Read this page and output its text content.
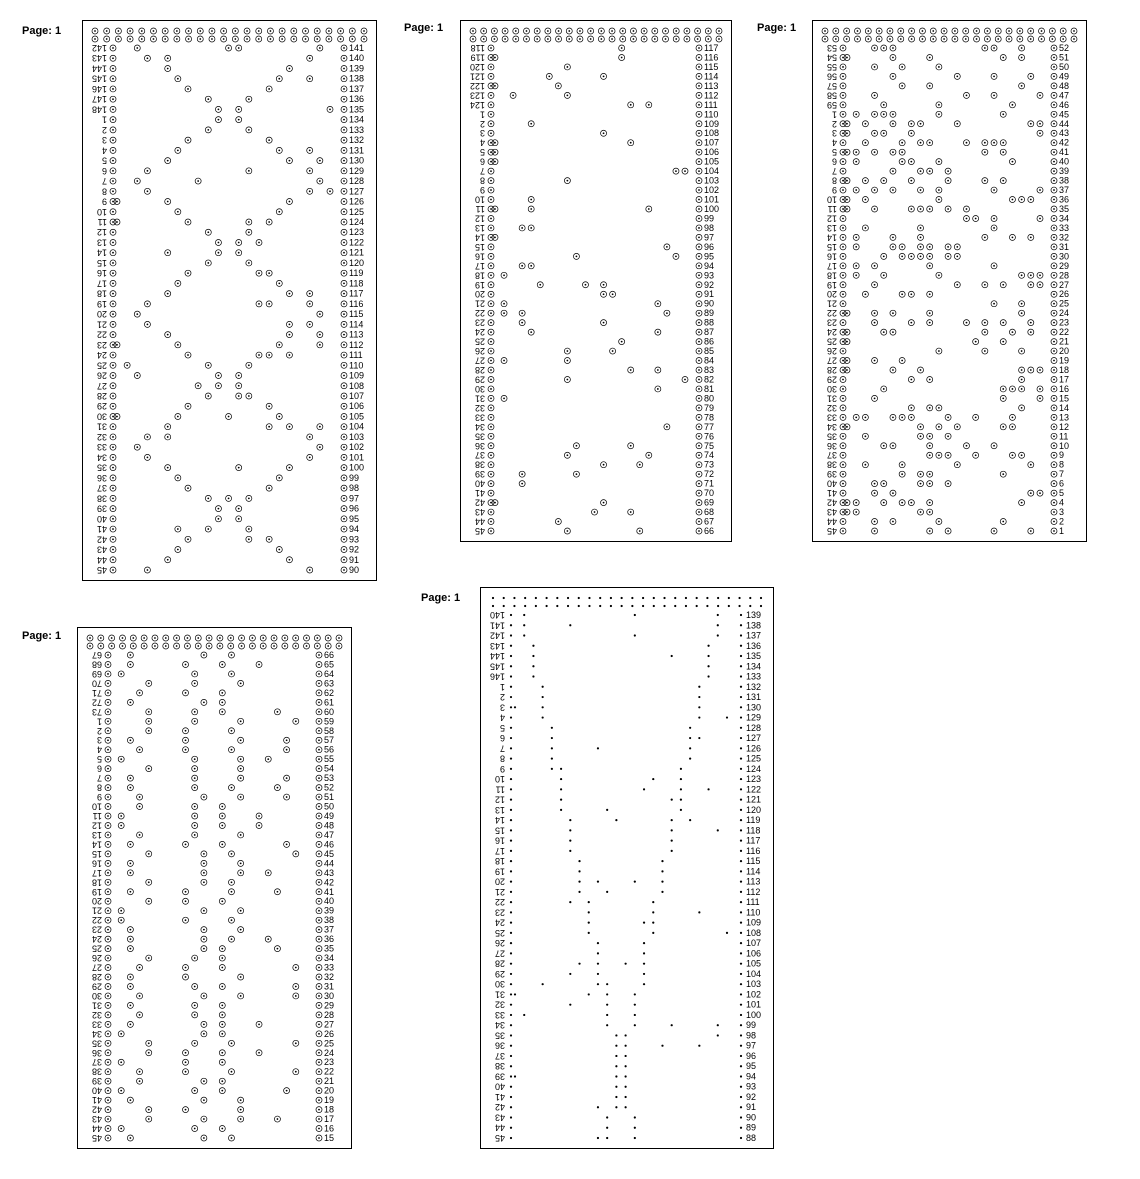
Page: 1	Page: 1	Page: 1
Page: 1
Page: 1
142	141
143	140
144	139
145	138
146	137
147	136
148	135
1	134
2	133
3	132
4	131
5	130
6	129
7	128
8	127
9	126
10	125
11	124
12	123
13	122
14	121
15	120
16	119
17	118
18	117
19	116
20	115
21	114
22	113
23	112
24	111
25	110
26	109
27	108
28	107
29	106
30	105
31	104
32	103
33	102
34	101
35	100
36	99
37	98
38	97
39	96
40	95
41	94
42	93
43	92
44	91
45	90
118	117
119	116
120	115
121	114
122	113
123	112
124	111
1	110
2	109
3	108
4	107
5	106
6	105
7	104
8	103
9	102
10	101
11	100
12	99
13	98
14	97
15	96
16	95
17	94
18	93
19	92
20	91
21	90
22	89
23	88
24	87
25	86
26	85
27	84
28	83
29	82
30	81
31	80
32	79
33	78
34	77
35	76
36	75
37	74
38	73
39	72
40	71
41	70
42	69
43	68
44	67
45	66
53	52
54	51
55	50
56	49
57	48
58	47
59	46
1	45
2	44
3	43
4	42
5	41
6	40
7	39
8	38
9	37
10	36
11	35
12	34
13	33
14	32
15	31
16	30
17	29
18	28
19	27
20	26
21	25
22	24
23	23
24	22
25	21
26	20
27	19
28	18
29	17
30	16
31	15
32	14
33	13
34	12
35	11
36	10
37	9
38	8
39	7
40	6
41	5
42	4
43	3
44	2
45	1
67	66
68	65
69	64
70	63
71	62
72	61
73	60
1	59
2	58
3	57
4	56
5	55
6	54
7	53
8	52
9	51
10	50
11	49
12	48
13	47
14	46
15	45
16	44
17	43
18	42
19	41
20	40
21	39
22	38
23	37
24	36
25	35
26	34
27	33
28	32
29	31
30	30
31	29
32	28
33	27
34	26
35	25
36	24
37	23
38	22
39	21
40	20
41	19
42	18
43	17
44	16
45	15
140	139
141	138
142	137
143	136
144	135
145	134
146	133
1	132
2	131
3	130
4	129
5	128
6	127
7	126
8	125
9	124
10	123
11	122
12	121
13	120
14	119
15	118
16	117
17	116
18	115
19	114
20	113
21	112
22	111
23	110
24	109
25	108
26	107
27	106
28	105
29	104
30	103
31	102
32	101
33	100
34	99
35	98
36	97
37	96
38	95
39	94
40	93
41	92
42	91
43	90
44	89
45	88
